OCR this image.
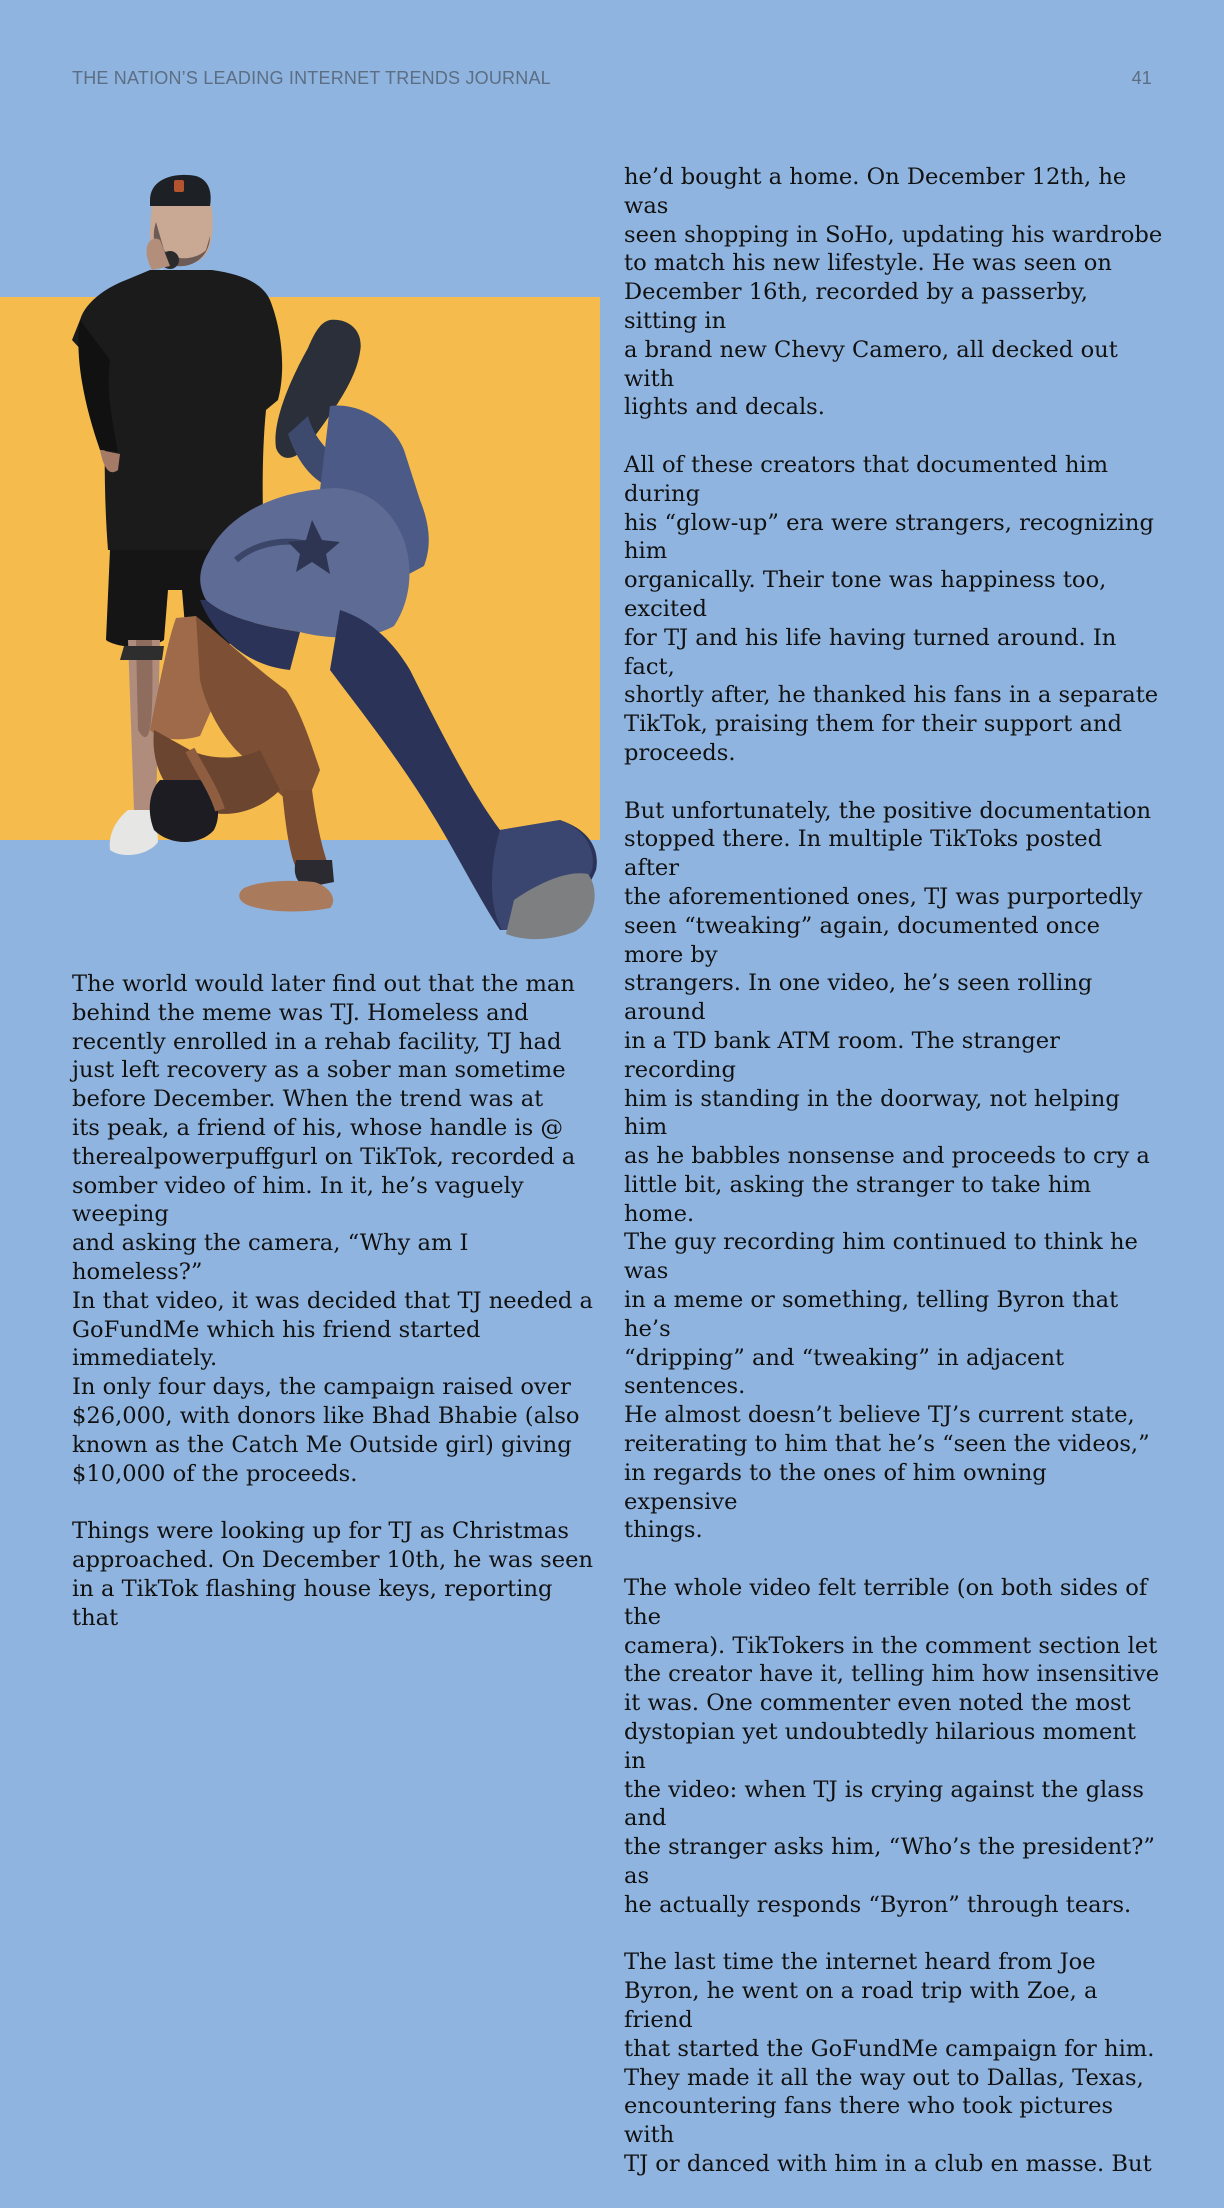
THE NATION’S LEADING INTERNET TRENDS JOURNAL	41

The world would later find out that the man
behind the meme was TJ. Homeless and
recently enrolled in a rehab facility, TJ had
just left recovery as a sober man sometime
before December. When the trend was at
its peak, a friend of his, whose handle is @
therealpowerpuffgurl on TikTok, recorded a
somber video of him. In it, he’s vaguely weeping
and asking the camera, “Why am I homeless?”
In that video, it was decided that TJ needed a
GoFundMe which his friend started immediately.
In only four days, the campaign raised over
$26,000, with donors like Bhad Bhabie (also
known as the Catch Me Outside girl) giving
$10,000 of the proceeds.

Things were looking up for TJ as Christmas
approached. On December 10th, he was seen
in a TikTok flashing house keys, reporting that

he’d bought a home. On December 12th, he was
seen shopping in SoHo, updating his wardrobe
to match his new lifestyle. He was seen on
December 16th, recorded by a passerby, sitting in
a brand new Chevy Camero, all decked out with
lights and decals.

All of these creators that documented him during
his “glow-up” era were strangers, recognizing him
organically. Their tone was happiness too, excited
for TJ and his life having turned around. In fact,
shortly after, he thanked his fans in a separate
TikTok, praising them for their support and
proceeds.

But unfortunately, the positive documentation
stopped there. In multiple TikToks posted after
the aforementioned ones, TJ was purportedly
seen “tweaking” again, documented once more by
strangers. In one video, he’s seen rolling around
in a TD bank ATM room. The stranger recording
him is standing in the doorway, not helping him
as he babbles nonsense and proceeds to cry a
little bit, asking the stranger to take him home.
The guy recording him continued to think he was
in a meme or something, telling Byron that he’s
“dripping” and “tweaking” in adjacent sentences.
He almost doesn’t believe TJ’s current state,
reiterating to him that he’s “seen the videos,”
in regards to the ones of him owning expensive
things.

The whole video felt terrible (on both sides of the
camera). TikTokers in the comment section let
the creator have it, telling him how insensitive
it was. One commenter even noted the most
dystopian yet undoubtedly hilarious moment in
the video: when TJ is crying against the glass and
the stranger asks him, “Who’s the president?” as
he actually responds “Byron” through tears.

The last time the internet heard from Joe
Byron, he went on a road trip with Zoe, a friend
that started the GoFundMe campaign for him.
They made it all the way out to Dallas, Texas,
encountering fans there who took pictures with
TJ or danced with him in a club en masse. But
